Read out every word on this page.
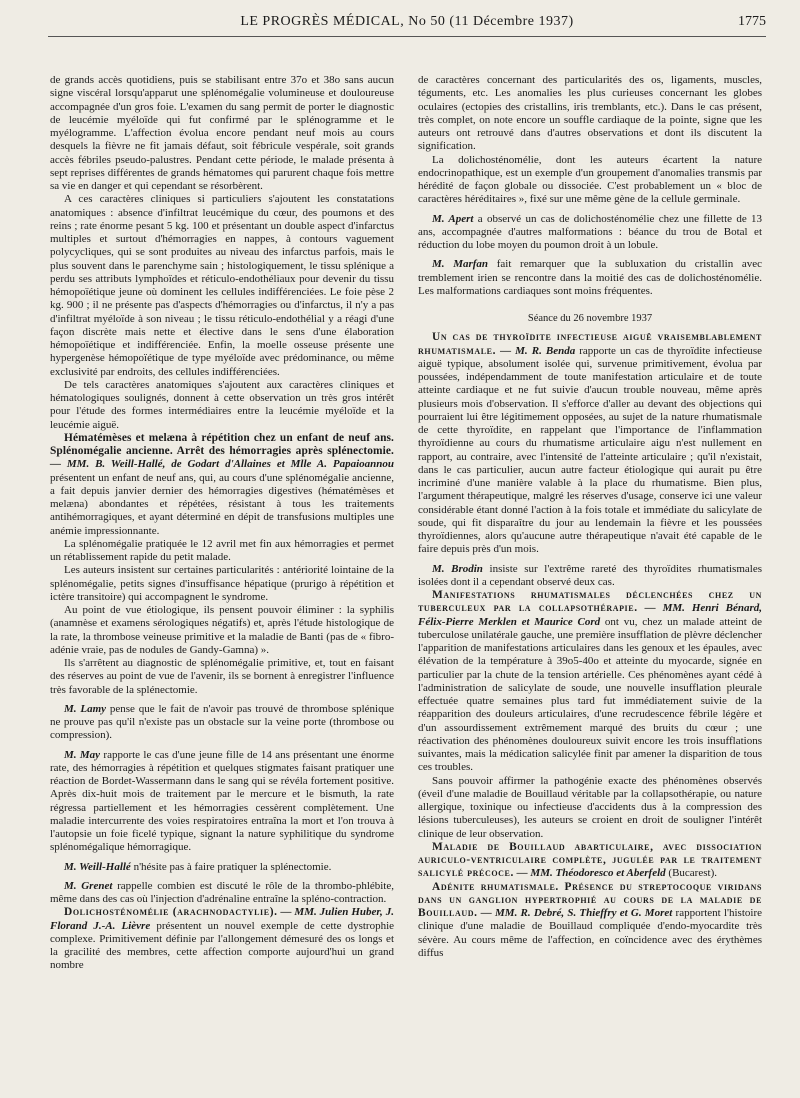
LE PROGRÈS MÉDICAL, No 50 (11 Décembre 1937)	1775

de grands accès quotidiens, puis se stabilisant entre 37o et 38o sans aucun signe viscéral lorsqu'apparut une splénomégalie volumineuse et douloureuse accompagnée d'un gros foie. L'examen du sang permit de porter le diagnostic de leucémie myéloïde qui fut confirmé par le splénogramme et le myélogramme. L'affection évolua encore pendant neuf mois au cours desquels la fièvre ne fit jamais défaut, soit fébricule vespérale, soit grands accès fébriles pseudo-palustres. Pendant cette période, le malade présenta à sept reprises différentes de grands hématomes qui parurent chaque fois mettre sa vie en danger et qui cependant se résorbèrent.

A ces caractères cliniques si particuliers s'ajoutent les constatations anatomiques : absence d'infiltrat leucémique du cœur, des poumons et des reins ; rate énorme pesant 5 kg. 100 et présentant un double aspect d'infarctus multiples et surtout d'hémorragies en nappes, à contours vaguement polycycliques, qui se sont produites au niveau des infarctus parfois, mais le plus souvent dans le parenchyme sain ; histologiquement, le tissu splénique a perdu ses attributs lymphoïdes et réticulo-endothéliaux pour devenir du tissu hémopoïétique jeune où dominent les cellules indifférenciées. Le foie pèse 2 kg. 900 ; il ne présente pas d'aspects d'hémorragies ou d'infarctus, il n'y a pas d'infiltrat myéloïde à son niveau ; le tissu réticulo-endothélial y a réagi d'une façon discrète mais nette et élective dans le sens d'une élaboration hémopoïétique et indifférenciée. Enfin, la moelle osseuse présente une hypergenèse hémopoïétique de type myéloïde avec prédominance, ou même exclusivité par endroits, des cellules indifférenciées.

De tels caractères anatomiques s'ajoutent aux caractères cliniques et hématologiques soulignés, donnent à cette observation un très gros intérêt pour l'étude des formes intermédiaires entre la leucémie myéloïde et la leucémie aiguë.

Hématémèses et melæna à répétition chez un enfant de neuf ans. Splénomégalie ancienne. Arrêt des hémorragies après splénectomie. — MM. B. Weill-Hallé, de Godart d'Allaines et Mlle A. Papaioannou présentent un enfant de neuf ans, qui, au cours d'une splénomégalie ancienne, a fait depuis janvier dernier des hémorragies digestives (hématémèses et melæna) abondantes et répétées, résistant à tous les traitements antihémorragiques, et ayant déterminé en dépit de transfusions multiples une anémie impressionnante.

La splénomégalie pratiquée le 12 avril met fin aux hémorragies et permet un rétablissement rapide du petit malade.

Les auteurs insistent sur certaines particularités : antériorité lointaine de la splénomégalie, petits signes d'insuffisance hépatique (prurigo à répétition et ictère transitoire) qui accompagnent le syndrome.

Au point de vue étiologique, ils pensent pouvoir éliminer : la syphilis (anamnèse et examens sérologiques négatifs) et, après l'étude histologique de la rate, la thrombose veineuse primitive et la maladie de Banti (pas de « fibro-adénie vraie, pas de nodules de Gandy-Gamna) ».

Ils s'arrêtent au diagnostic de splénomégalie primitive, et, tout en faisant des réserves au point de vue de l'avenir, ils se bornent à enregistrer l'influence très favorable de la splénectomie.

M. Lamy pense que le fait de n'avoir pas trouvé de thrombose splénique ne prouve pas qu'il n'existe pas un obstacle sur la veine porte (thrombose ou compression).

M. May rapporte le cas d'une jeune fille de 14 ans présentant une énorme rate, des hémorragies à répétition et quelques stigmates faisant pratiquer une réaction de Bordet-Wassermann dans le sang qui se révéla fortement positive. Après dix-huit mois de traitement par le mercure et le bismuth, la rate régressa partiellement et les hémorragies cessèrent complètement. Une maladie intercurrente des voies respiratoires entraîna la mort et l'on trouva à l'autopsie un foie ficelé typique, signant la nature syphilitique du syndrome splénomégalique hémorragique.

M. Weill-Hallé n'hésite pas à faire pratiquer la splénectomie.

M. Grenet rappelle combien est discuté le rôle de la thrombo-phlébite, même dans des cas où l'injection d'adrénaline entraîne la spléno-contraction.

Dolichosténomélie (arachnodactylie). — MM. Julien Huber, J. Florand J.-A. Lièvre présentent un nouvel exemple de cette dystrophie complexe. Primitivement définie par l'allongement démesuré des os longs et la gracilité des membres, cette affection comporte aujourd'hui un grand nombre

de caractères concernant des particularités des os, ligaments, muscles, téguments, etc. Les anomalies les plus curieuses concernant les globes oculaires (ectopies des cristallins, iris tremblants, etc.). Dans le cas présent, très complet, on note encore un souffle cardiaque de la pointe, signe que les auteurs ont retrouvé dans d'autres observations et dont ils discutent la signification.

La dolichosténomélie, dont les auteurs écartent la nature endocrinopathique, est un exemple d'un groupement d'anomalies transmis par hérédité de façon globale ou dissociée. C'est probablement un « bloc de caractères héréditaires », fixé sur une même gène de la cellule germinale.

M. Apert a observé un cas de dolichosténomélie chez une fillette de 13 ans, accompagnée d'autres malformations : béance du trou de Botal et réduction du lobe moyen du poumon droit à un lobule.

M. Marfan fait remarquer que la subluxation du cristallin avec tremblement irien se rencontre dans la moitié des cas de dolichosténomélie. Les malformations cardiaques sont moins fréquentes.

Séance du 26 novembre 1937

Un cas de thyroïdite infectieuse aiguë vraisemblablement rhumatismale. — M. R. Benda rapporte un cas de thyroïdite infectieuse aiguë typique, absolument isolée qui, survenue primitivement, évolua par poussées, indépendamment de toute manifestation articulaire et de toute atteinte cardiaque et ne fut suivie d'aucun trouble nouveau, même après plusieurs mois d'observation. Il s'efforce d'aller au devant des objections qui pourraient lui être légitimement opposées, au sujet de la nature rhumatismale de cette thyroïdite, en rappelant que l'importance de l'inflammation thyroïdienne au cours du rhumatisme articulaire aigu n'est nullement en rapport, au contraire, avec l'intensité de l'atteinte articulaire ; qu'il n'existait, dans le cas particulier, aucun autre facteur étiologique qui aurait pu être incriminé d'une manière valable à la place du rhumatisme. Bien plus, l'argument thérapeutique, malgré les réserves d'usage, conserve ici une valeur considérable étant donné l'action à la fois totale et immédiate du salicylate de soude, qui fit disparaître du jour au lendemain la fièvre et les poussées thyroïdiennes, alors qu'aucune autre thérapeutique n'avait été capable de le faire depuis près d'un mois.

M. Brodin insiste sur l'extrême rareté des thyroïdites rhumatismales isolées dont il a cependant observé deux cas.

Manifestations rhumatismales déclenchées chez un tuberculeux par la collapsothérapie. — MM. Henri Bénard, Félix-Pierre Merklen et Maurice Cord ont vu, chez un malade atteint de tuberculose unilatérale gauche, une première insufflation de plèvre déclencher l'apparition de manifestations articulaires dans les genoux et les épaules, avec élévation de la température à 39o5-40o et atteinte du myocarde, signée en particulier par la chute de la tension artérielle. Ces phénomènes ayant cédé à l'administration de salicylate de soude, une nouvelle insufflation pleurale effectuée quatre semaines plus tard fut immédiatement suivie de la réapparition des douleurs articulaires, d'une recrudescence fébrile légère et d'un assourdissement extrêmement marqué des bruits du cœur ; une réactivation des phénomènes douloureux suivit encore les trois insufflations suivantes, mais la médication salicylée finit par amener la disparition de tous ces troubles.

Sans pouvoir affirmer la pathogénie exacte des phénomènes observés (éveil d'une maladie de Bouillaud véritable par la collapsothérapie, ou nature allergique, toxinique ou infectieuse d'accidents dus à la compression des lésions tuberculeuses), les auteurs se croient en droit de souligner l'intérêt clinique de leur observation.

Maladie de Bouillaud abarticulaire, avec dissociation auriculo-ventriculaire complète, jugulée par le traitement salicylé précoce. — MM. Théodoresco et Aberfeld (Bucarest).

Adénite rhumatismale. Présence du streptocoque viridans dans un ganglion hypertrophié au cours de la maladie de Bouillaud. — MM. R. Debré, S. Thieffry et G. Moret rapportent l'histoire clinique d'une maladie de Bouillaud compliquée d'endo-myocardite très sévère. Au cours même de l'affection, en coïncidence avec des érythèmes diffus
